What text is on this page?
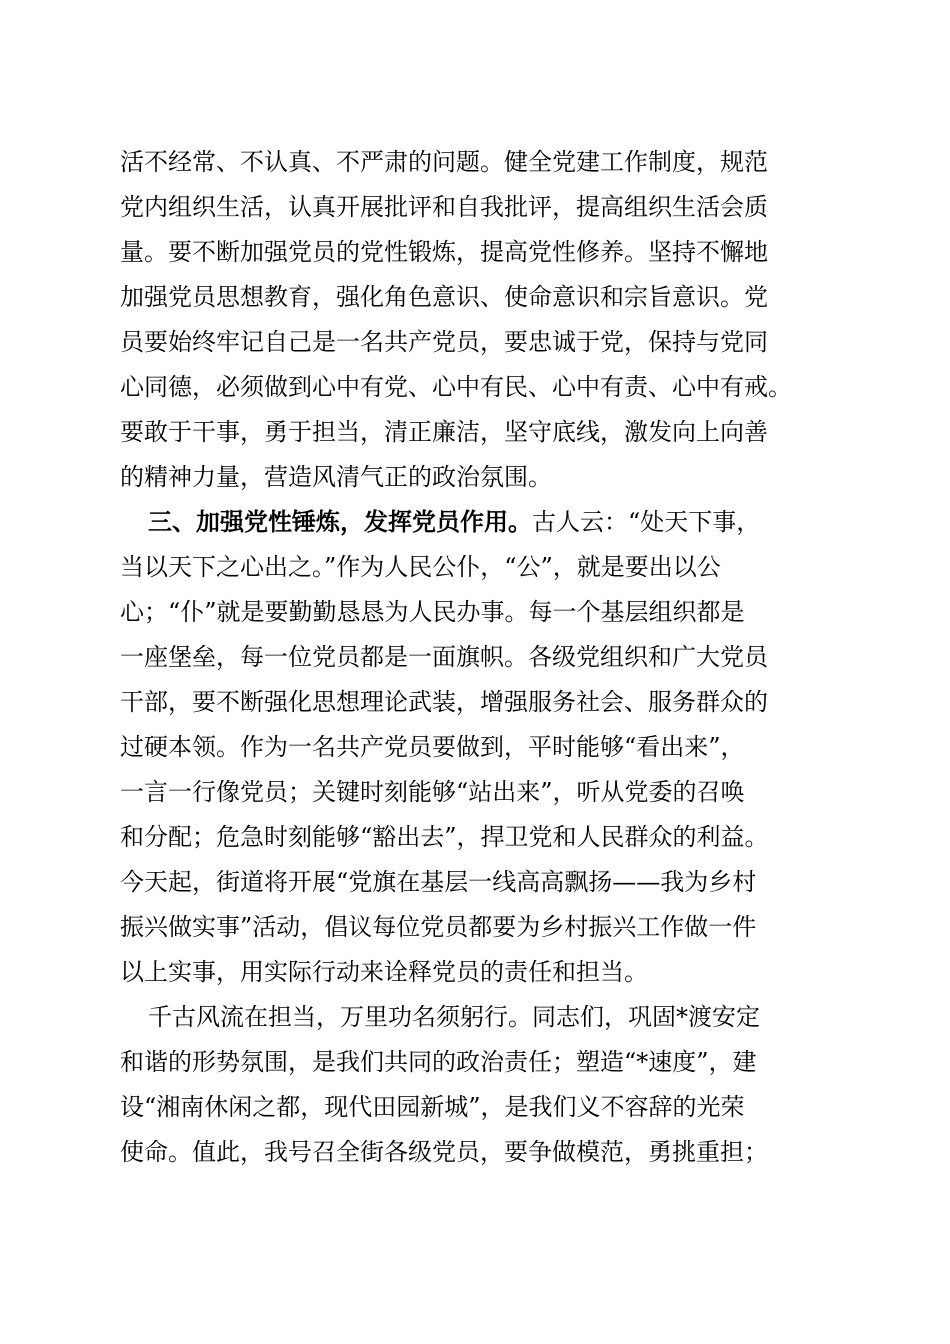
活不经常、不认真、不严肃的问题。健全党建工作制度，规范
党内组织生活，认真开展批评和自我批评，提高组织生活会质
量。要不断加强党员的党性锻炼，提高党性修养。坚持不懈地
加强党员思想教育，强化角色意识、使命意识和宗旨意识。党
员要始终牢记自己是一名共产党员，要忠诚于党，保持与党同
心同德，必须做到心中有党、心中有民、心中有责、心中有戒。
要敢于干事，勇于担当，清正廉洁，坚守底线，激发向上向善
的精神力量，营造风清气正的政治氛围。
三、加强党性锤炼，发挥党员作用。古人云：“处天下事，
当以天下之心出之。”作为人民公仆，“公”，就是要出以公
心；“仆”就是要勤勤恳恳为人民办事。每一个基层组织都是
一座堡垒，每一位党员都是一面旗帜。各级党组织和广大党员
干部，要不断强化思想理论武装，增强服务社会、服务群众的
过硬本领。作为一名共产党员要做到，平时能够“看出来”，
一言一行像党员；关键时刻能够“站出来”，听从党委的召唤
和分配；危急时刻能够“豁出去”，捍卫党和人民群众的利益。
今天起，街道将开展“党旗在基层一线高高飘扬——我为乡村
振兴做实事”活动，倡议每位党员都要为乡村振兴工作做一件
以上实事，用实际行动来诠释党员的责任和担当。
千古风流在担当，万里功名须躬行。同志们，巩固*渡安定
和谐的形势氛围，是我们共同的政治责任；塑造“*速度”，建
设“湘南休闲之都，现代田园新城”，是我们义不容辞的光荣
使命。值此，我号召全街各级党员，要争做模范，勇挑重担；
